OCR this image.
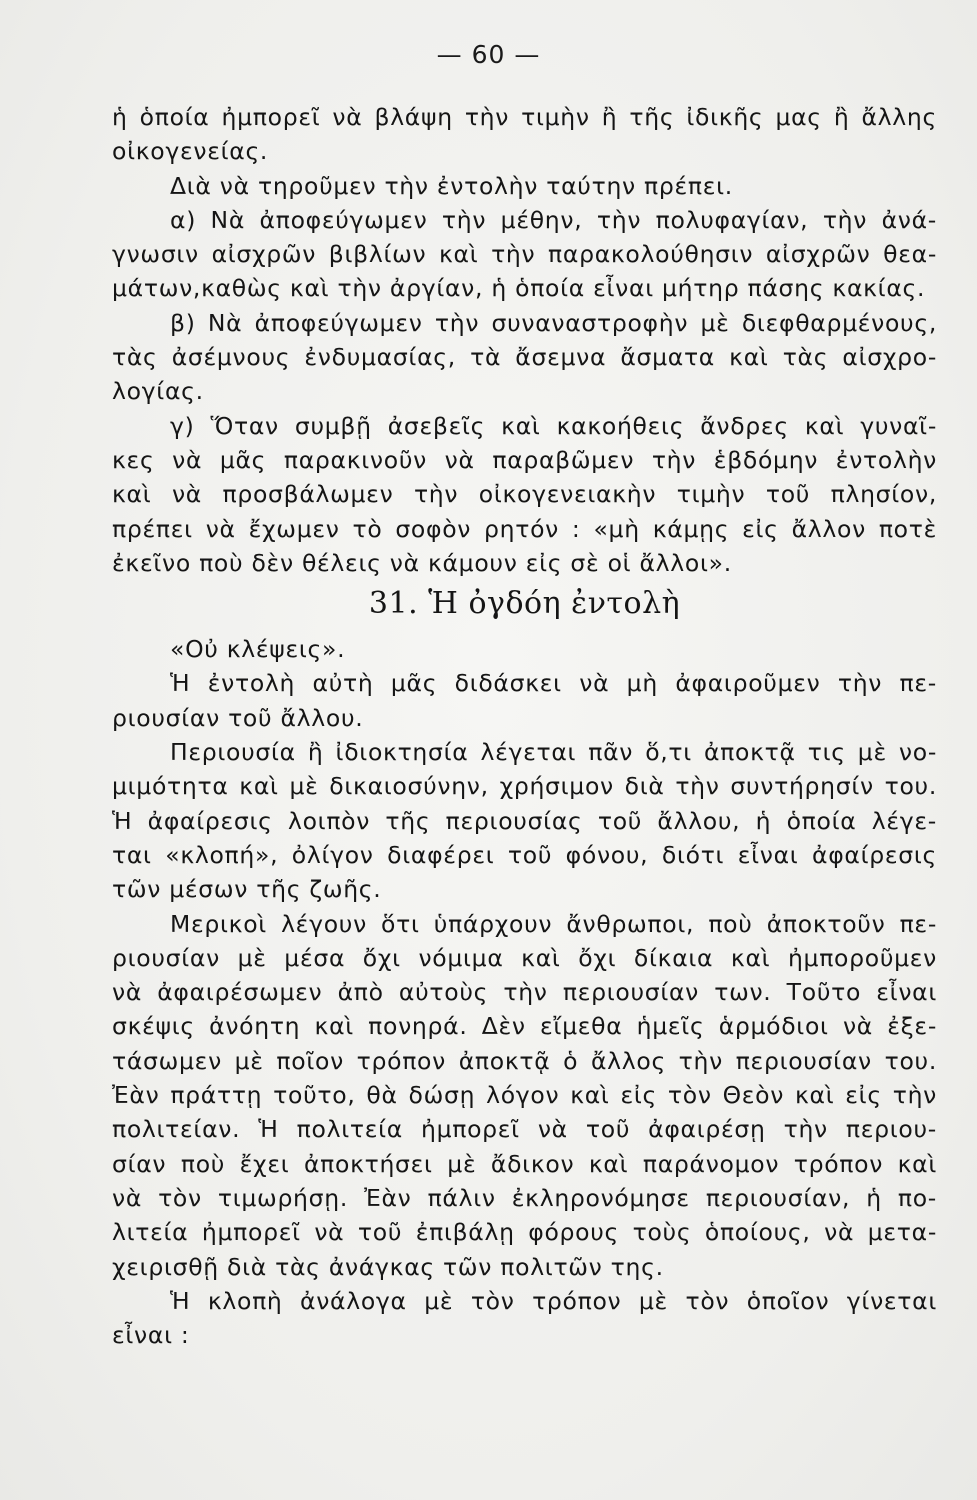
— 60 —
ἡ ὁποία ἠμπορεῖ νὰ βλάψη τὴν τιμὴν ἢ τῆς ἰδικῆς μας ἢ ἄλλης
οἰκογενείας.
Διὰ νὰ τηροῦμεν τὴν ἐντολὴν ταύτην πρέπει.
α) Νὰ ἀποφεύγωμεν τὴν μέθην, τὴν πολυφαγίαν, τὴν ἀνά-
γνωσιν αἰσχρῶν βιβλίων καὶ τὴν παρακολούθησιν αἰσχρῶν θεα-
μάτων,καθὼς καὶ τὴν ἀργίαν, ἡ ὁποία εἶναι μήτηρ πάσης κακίας.
β) Νὰ ἀποφεύγωμεν τὴν συναναστροφὴν μὲ διεφθαρμένους,
τὰς ἀσέμνους ἐνδυμασίας, τὰ ἄσεμνα ἄσματα καὶ τὰς αἰσχρο-
λογίας.
γ) Ὅταν συμβῇ ἀσεβεῖς καὶ κακοήθεις ἄνδρες καὶ γυναῖ-
κες νὰ μᾶς παρακινοῦν νὰ παραβῶμεν τὴν ἑβδόμην ἐντολὴν
καὶ νὰ προσβάλωμεν τὴν οἰκογενειακὴν τιμὴν τοῦ πλησίον,
πρέπει νὰ ἔχωμεν τὸ σοφὸν ρητόν : «μὴ κάμῃς εἰς ἄλλον ποτὲ
ἐκεῖνο ποὺ δὲν θέλεις νὰ κάμουν εἰς σὲ οἱ ἄλλοι».
31. Ἡ ὀγδόη ἐντολὴ
«Οὐ κλέψεις».
Ἡ ἐντολὴ αὐτὴ μᾶς διδάσκει νὰ μὴ ἀφαιροῦμεν τὴν πε-
ριουσίαν τοῦ ἄλλου.
Περιουσία ἢ ἰδιοκτησία λέγεται πᾶν ὅ,τι ἀποκτᾷ τις μὲ νο-
μιμότητα καὶ μὲ δικαιοσύνην, χρήσιμον διὰ τὴν συντήρησίν του.
Ἡ ἀφαίρεσις λοιπὸν τῆς περιουσίας τοῦ ἄλλου, ἡ ὁποία λέγε-
ται «κλοπή», ὀλίγον διαφέρει τοῦ φόνου, διότι εἶναι ἀφαίρεσις
τῶν μέσων τῆς ζωῆς.
Μερικοὶ λέγουν ὅτι ὑπάρχουν ἄνθρωποι, ποὺ ἀποκτοῦν πε-
ριουσίαν μὲ μέσα ὄχι νόμιμα καὶ ὄχι δίκαια καὶ ἠμποροῦμεν
νὰ ἀφαιρέσωμεν ἀπὸ αὐτοὺς τὴν περιουσίαν των. Τοῦτο εἶναι
σκέψις ἀνόητη καὶ πονηρά. Δὲν εἴμεθα ἡμεῖς ἁρμόδιοι νὰ ἐξε-
τάσωμεν μὲ ποῖον τρόπον ἀποκτᾷ ὁ ἄλλος τὴν περιουσίαν του.
Ἐὰν πράττῃ τοῦτο, θὰ δώσῃ λόγον καὶ εἰς τὸν Θεὸν καὶ εἰς τὴν
πολιτείαν. Ἡ πολιτεία ἠμπορεῖ νὰ τοῦ ἀφαιρέσῃ τὴν περιου-
σίαν ποὺ ἔχει ἀποκτήσει μὲ ἄδικον καὶ παράνομον τρόπον καὶ
νὰ τὸν τιμωρήσῃ. Ἐὰν πάλιν ἐκληρονόμησε περιουσίαν, ἡ πο-
λιτεία ἠμπορεῖ νὰ τοῦ ἐπιβάλῃ φόρους τοὺς ὁποίους, νὰ μετα-
χειρισθῇ διὰ τὰς ἀνάγκας τῶν πολιτῶν της.
Ἡ κλοπὴ ἀνάλογα μὲ τὸν τρόπον μὲ τὸν ὁποῖον γίνεται
εἶναι :
